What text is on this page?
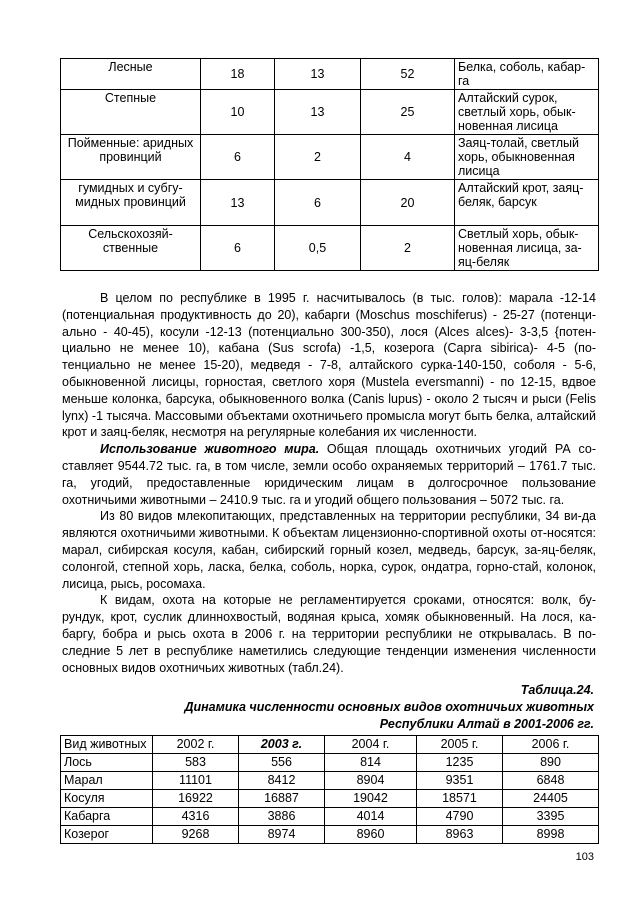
Лесные	18	13	52	Белка, соболь, кабар-
га
Степные	10	13	25	Алтайский сурок,
светлый хорь, обык-
новенная лисица
Пойменные: аридных
провинций	6	2	4	Заяц-толай, светлый
хорь, обыкновенная
лисица
гумидных и субгу-
мидных провинций	13	6	20	Алтайский крот, заяц-
беляк, барсук
Сельскохозяй-
ственные	6	0,5	2	Светлый хорь, обык-
новенная лисица, за-
яц-беляк

В целом по республике в 1995 г. насчитывалось (в тыс. голов): марала -12-14 (потенциальная продуктивность до 20), кабарги (Moschus moschiferus) - 25-27 (потенци-ально - 40-45), косули -12-13 (потенциально 300-350), лося (Alces alces)- 3-3,5 {потен-циально не менее 10), кабана (Sus scrofa) -1,5, козерога (Capra sibirica)- 4-5 (по-тенциально не менее 15-20), медведя - 7-8, алтайского сурка-140-150, соболя - 5-6, обыкновенной лисицы, горностая, светлого хоря (Mustela eversmanni) - по 12-15, вдвое меньше колонка, барсука, обыкновенного волка (Canis lupus) - около 2 тысяч и рыси (Felis lynx) -1 тысяча. Массовыми объектами охотничьего промысла могут быть белка, алтайский крот и заяц-беляк, несмотря на регулярные колебания их численности.

Использование животного мира. Общая площадь охотничьих угодий РА со-ставляет 9544.72 тыс. га, в том числе, земли особо охраняемых территорий – 1761.7 тыс. га, угодий, предоставленные юридическим лицам в долгосрочное пользование охотничьими животными – 2410.9 тыс. га и угодий общего пользования – 5072 тыс. га.

Из 80 видов млекопитающих, представленных на территории республики, 34 ви-да являются охотничьими животными. К объектам лицензионно-спортивной охоты от-носятся: марал, сибирская косуля, кабан, сибирский горный козел, медведь, барсук, за-яц-беляк, солонгой, степной хорь, ласка, белка, соболь, норка, сурок, ондатра, горно-стай, колонок, лисица, рысь, росомаха.

К видам, охота на которые не регламентируется сроками, относятся: волк, бу-рундук, крот, суслик длиннохвостый, водяная крыса, хомяк обыкновенный. На лося, ка-баргу, бобра и рысь охота в 2006 г. на территории республики не открывалась. В по-следние 5 лет в республике наметились следующие тенденции изменения численности основных видов охотничьих животных (табл.24).

Таблица.24.
Динамика численности основных видов охотничьих животных
Республики Алтай в 2001-2006 гг.
Вид животных	2002 г.	2003 г.	2004 г.	2005 г.	2006 г.
Лось	583	556	814	1235	890
Марал	11101	8412	8904	9351	6848
Косуля	16922	16887	19042	18571	24405
Кабарга	4316	3886	4014	4790	3395
Козерог	9268	8974	8960	8963	8998
103
